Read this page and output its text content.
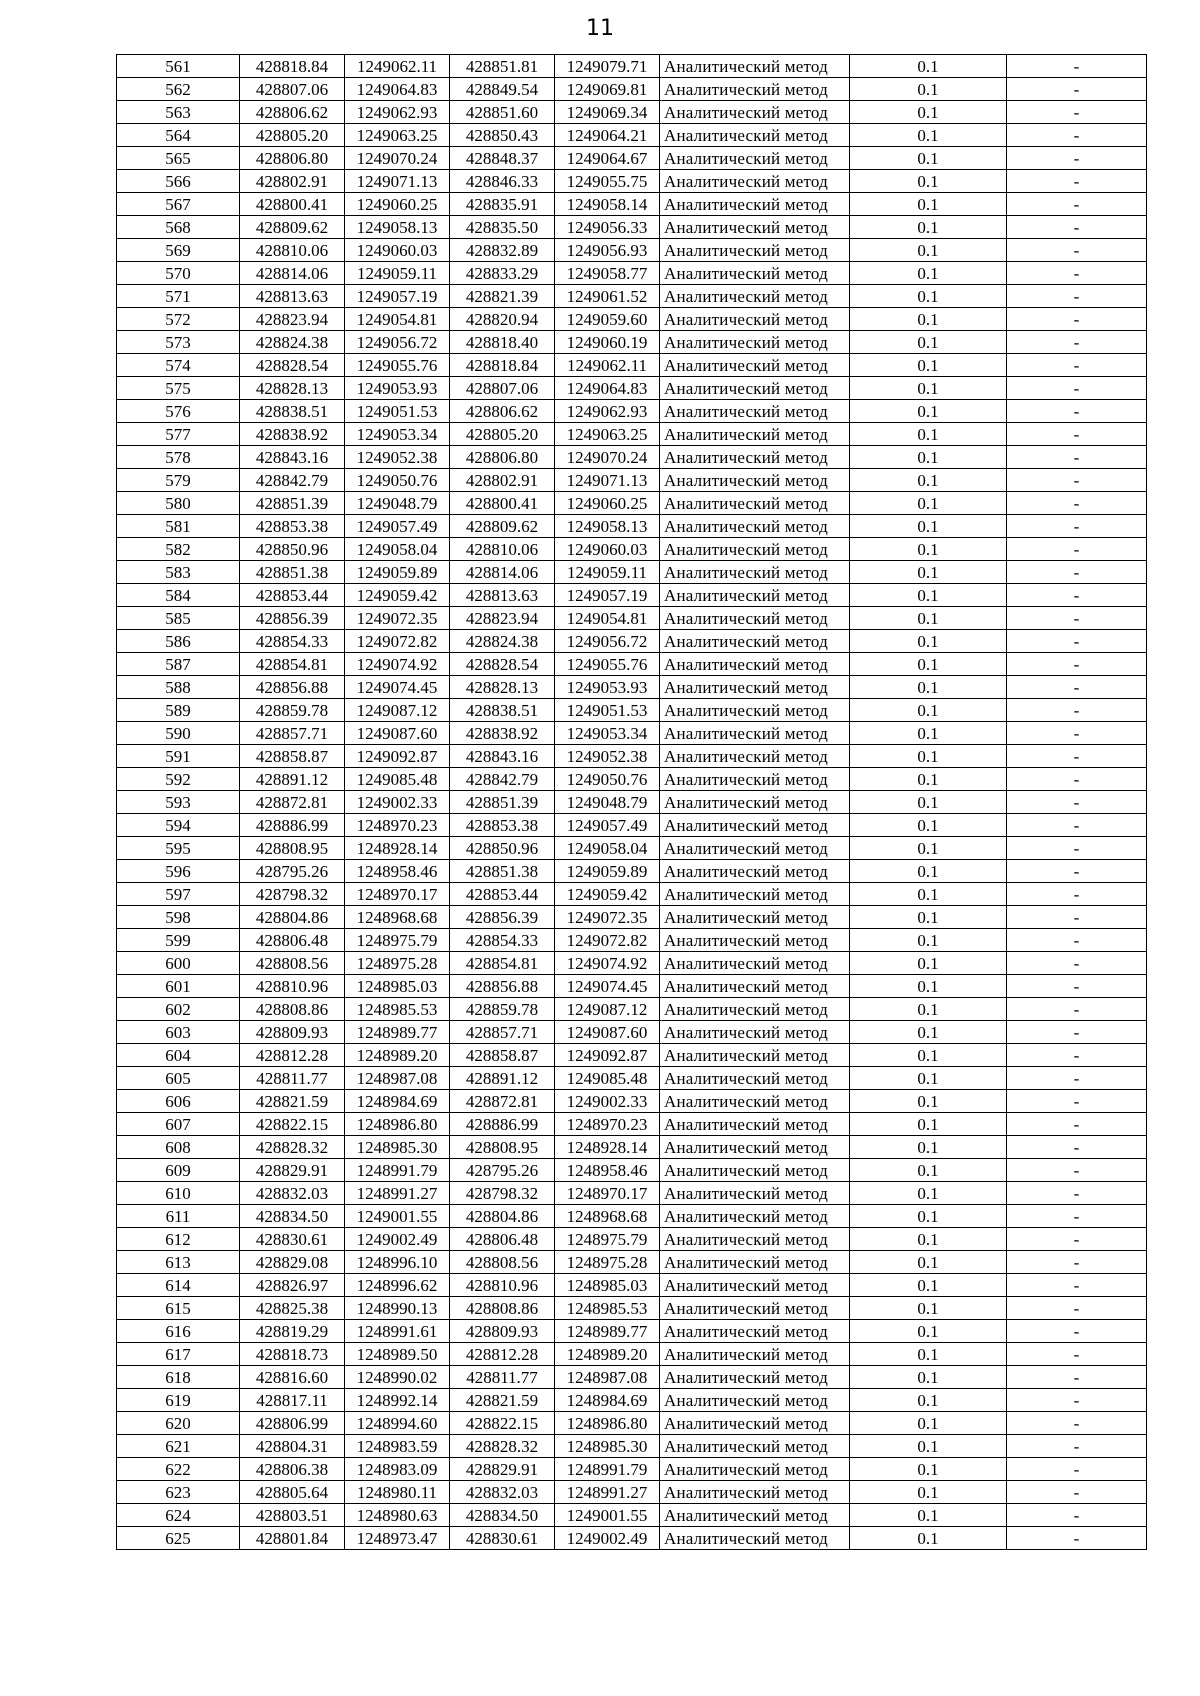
11
561	428818.84	1249062.11	428851.81	1249079.71	Аналитический метод	0.1	-
562	428807.06	1249064.83	428849.54	1249069.81	Аналитический метод	0.1	-
563	428806.62	1249062.93	428851.60	1249069.34	Аналитический метод	0.1	-
564	428805.20	1249063.25	428850.43	1249064.21	Аналитический метод	0.1	-
565	428806.80	1249070.24	428848.37	1249064.67	Аналитический метод	0.1	-
566	428802.91	1249071.13	428846.33	1249055.75	Аналитический метод	0.1	-
567	428800.41	1249060.25	428835.91	1249058.14	Аналитический метод	0.1	-
568	428809.62	1249058.13	428835.50	1249056.33	Аналитический метод	0.1	-
569	428810.06	1249060.03	428832.89	1249056.93	Аналитический метод	0.1	-
570	428814.06	1249059.11	428833.29	1249058.77	Аналитический метод	0.1	-
571	428813.63	1249057.19	428821.39	1249061.52	Аналитический метод	0.1	-
572	428823.94	1249054.81	428820.94	1249059.60	Аналитический метод	0.1	-
573	428824.38	1249056.72	428818.40	1249060.19	Аналитический метод	0.1	-
574	428828.54	1249055.76	428818.84	1249062.11	Аналитический метод	0.1	-
575	428828.13	1249053.93	428807.06	1249064.83	Аналитический метод	0.1	-
576	428838.51	1249051.53	428806.62	1249062.93	Аналитический метод	0.1	-
577	428838.92	1249053.34	428805.20	1249063.25	Аналитический метод	0.1	-
578	428843.16	1249052.38	428806.80	1249070.24	Аналитический метод	0.1	-
579	428842.79	1249050.76	428802.91	1249071.13	Аналитический метод	0.1	-
580	428851.39	1249048.79	428800.41	1249060.25	Аналитический метод	0.1	-
581	428853.38	1249057.49	428809.62	1249058.13	Аналитический метод	0.1	-
582	428850.96	1249058.04	428810.06	1249060.03	Аналитический метод	0.1	-
583	428851.38	1249059.89	428814.06	1249059.11	Аналитический метод	0.1	-
584	428853.44	1249059.42	428813.63	1249057.19	Аналитический метод	0.1	-
585	428856.39	1249072.35	428823.94	1249054.81	Аналитический метод	0.1	-
586	428854.33	1249072.82	428824.38	1249056.72	Аналитический метод	0.1	-
587	428854.81	1249074.92	428828.54	1249055.76	Аналитический метод	0.1	-
588	428856.88	1249074.45	428828.13	1249053.93	Аналитический метод	0.1	-
589	428859.78	1249087.12	428838.51	1249051.53	Аналитический метод	0.1	-
590	428857.71	1249087.60	428838.92	1249053.34	Аналитический метод	0.1	-
591	428858.87	1249092.87	428843.16	1249052.38	Аналитический метод	0.1	-
592	428891.12	1249085.48	428842.79	1249050.76	Аналитический метод	0.1	-
593	428872.81	1249002.33	428851.39	1249048.79	Аналитический метод	0.1	-
594	428886.99	1248970.23	428853.38	1249057.49	Аналитический метод	0.1	-
595	428808.95	1248928.14	428850.96	1249058.04	Аналитический метод	0.1	-
596	428795.26	1248958.46	428851.38	1249059.89	Аналитический метод	0.1	-
597	428798.32	1248970.17	428853.44	1249059.42	Аналитический метод	0.1	-
598	428804.86	1248968.68	428856.39	1249072.35	Аналитический метод	0.1	-
599	428806.48	1248975.79	428854.33	1249072.82	Аналитический метод	0.1	-
600	428808.56	1248975.28	428854.81	1249074.92	Аналитический метод	0.1	-
601	428810.96	1248985.03	428856.88	1249074.45	Аналитический метод	0.1	-
602	428808.86	1248985.53	428859.78	1249087.12	Аналитический метод	0.1	-
603	428809.93	1248989.77	428857.71	1249087.60	Аналитический метод	0.1	-
604	428812.28	1248989.20	428858.87	1249092.87	Аналитический метод	0.1	-
605	428811.77	1248987.08	428891.12	1249085.48	Аналитический метод	0.1	-
606	428821.59	1248984.69	428872.81	1249002.33	Аналитический метод	0.1	-
607	428822.15	1248986.80	428886.99	1248970.23	Аналитический метод	0.1	-
608	428828.32	1248985.30	428808.95	1248928.14	Аналитический метод	0.1	-
609	428829.91	1248991.79	428795.26	1248958.46	Аналитический метод	0.1	-
610	428832.03	1248991.27	428798.32	1248970.17	Аналитический метод	0.1	-
611	428834.50	1249001.55	428804.86	1248968.68	Аналитический метод	0.1	-
612	428830.61	1249002.49	428806.48	1248975.79	Аналитический метод	0.1	-
613	428829.08	1248996.10	428808.56	1248975.28	Аналитический метод	0.1	-
614	428826.97	1248996.62	428810.96	1248985.03	Аналитический метод	0.1	-
615	428825.38	1248990.13	428808.86	1248985.53	Аналитический метод	0.1	-
616	428819.29	1248991.61	428809.93	1248989.77	Аналитический метод	0.1	-
617	428818.73	1248989.50	428812.28	1248989.20	Аналитический метод	0.1	-
618	428816.60	1248990.02	428811.77	1248987.08	Аналитический метод	0.1	-
619	428817.11	1248992.14	428821.59	1248984.69	Аналитический метод	0.1	-
620	428806.99	1248994.60	428822.15	1248986.80	Аналитический метод	0.1	-
621	428804.31	1248983.59	428828.32	1248985.30	Аналитический метод	0.1	-
622	428806.38	1248983.09	428829.91	1248991.79	Аналитический метод	0.1	-
623	428805.64	1248980.11	428832.03	1248991.27	Аналитический метод	0.1	-
624	428803.51	1248980.63	428834.50	1249001.55	Аналитический метод	0.1	-
625	428801.84	1248973.47	428830.61	1249002.49	Аналитический метод	0.1	-
